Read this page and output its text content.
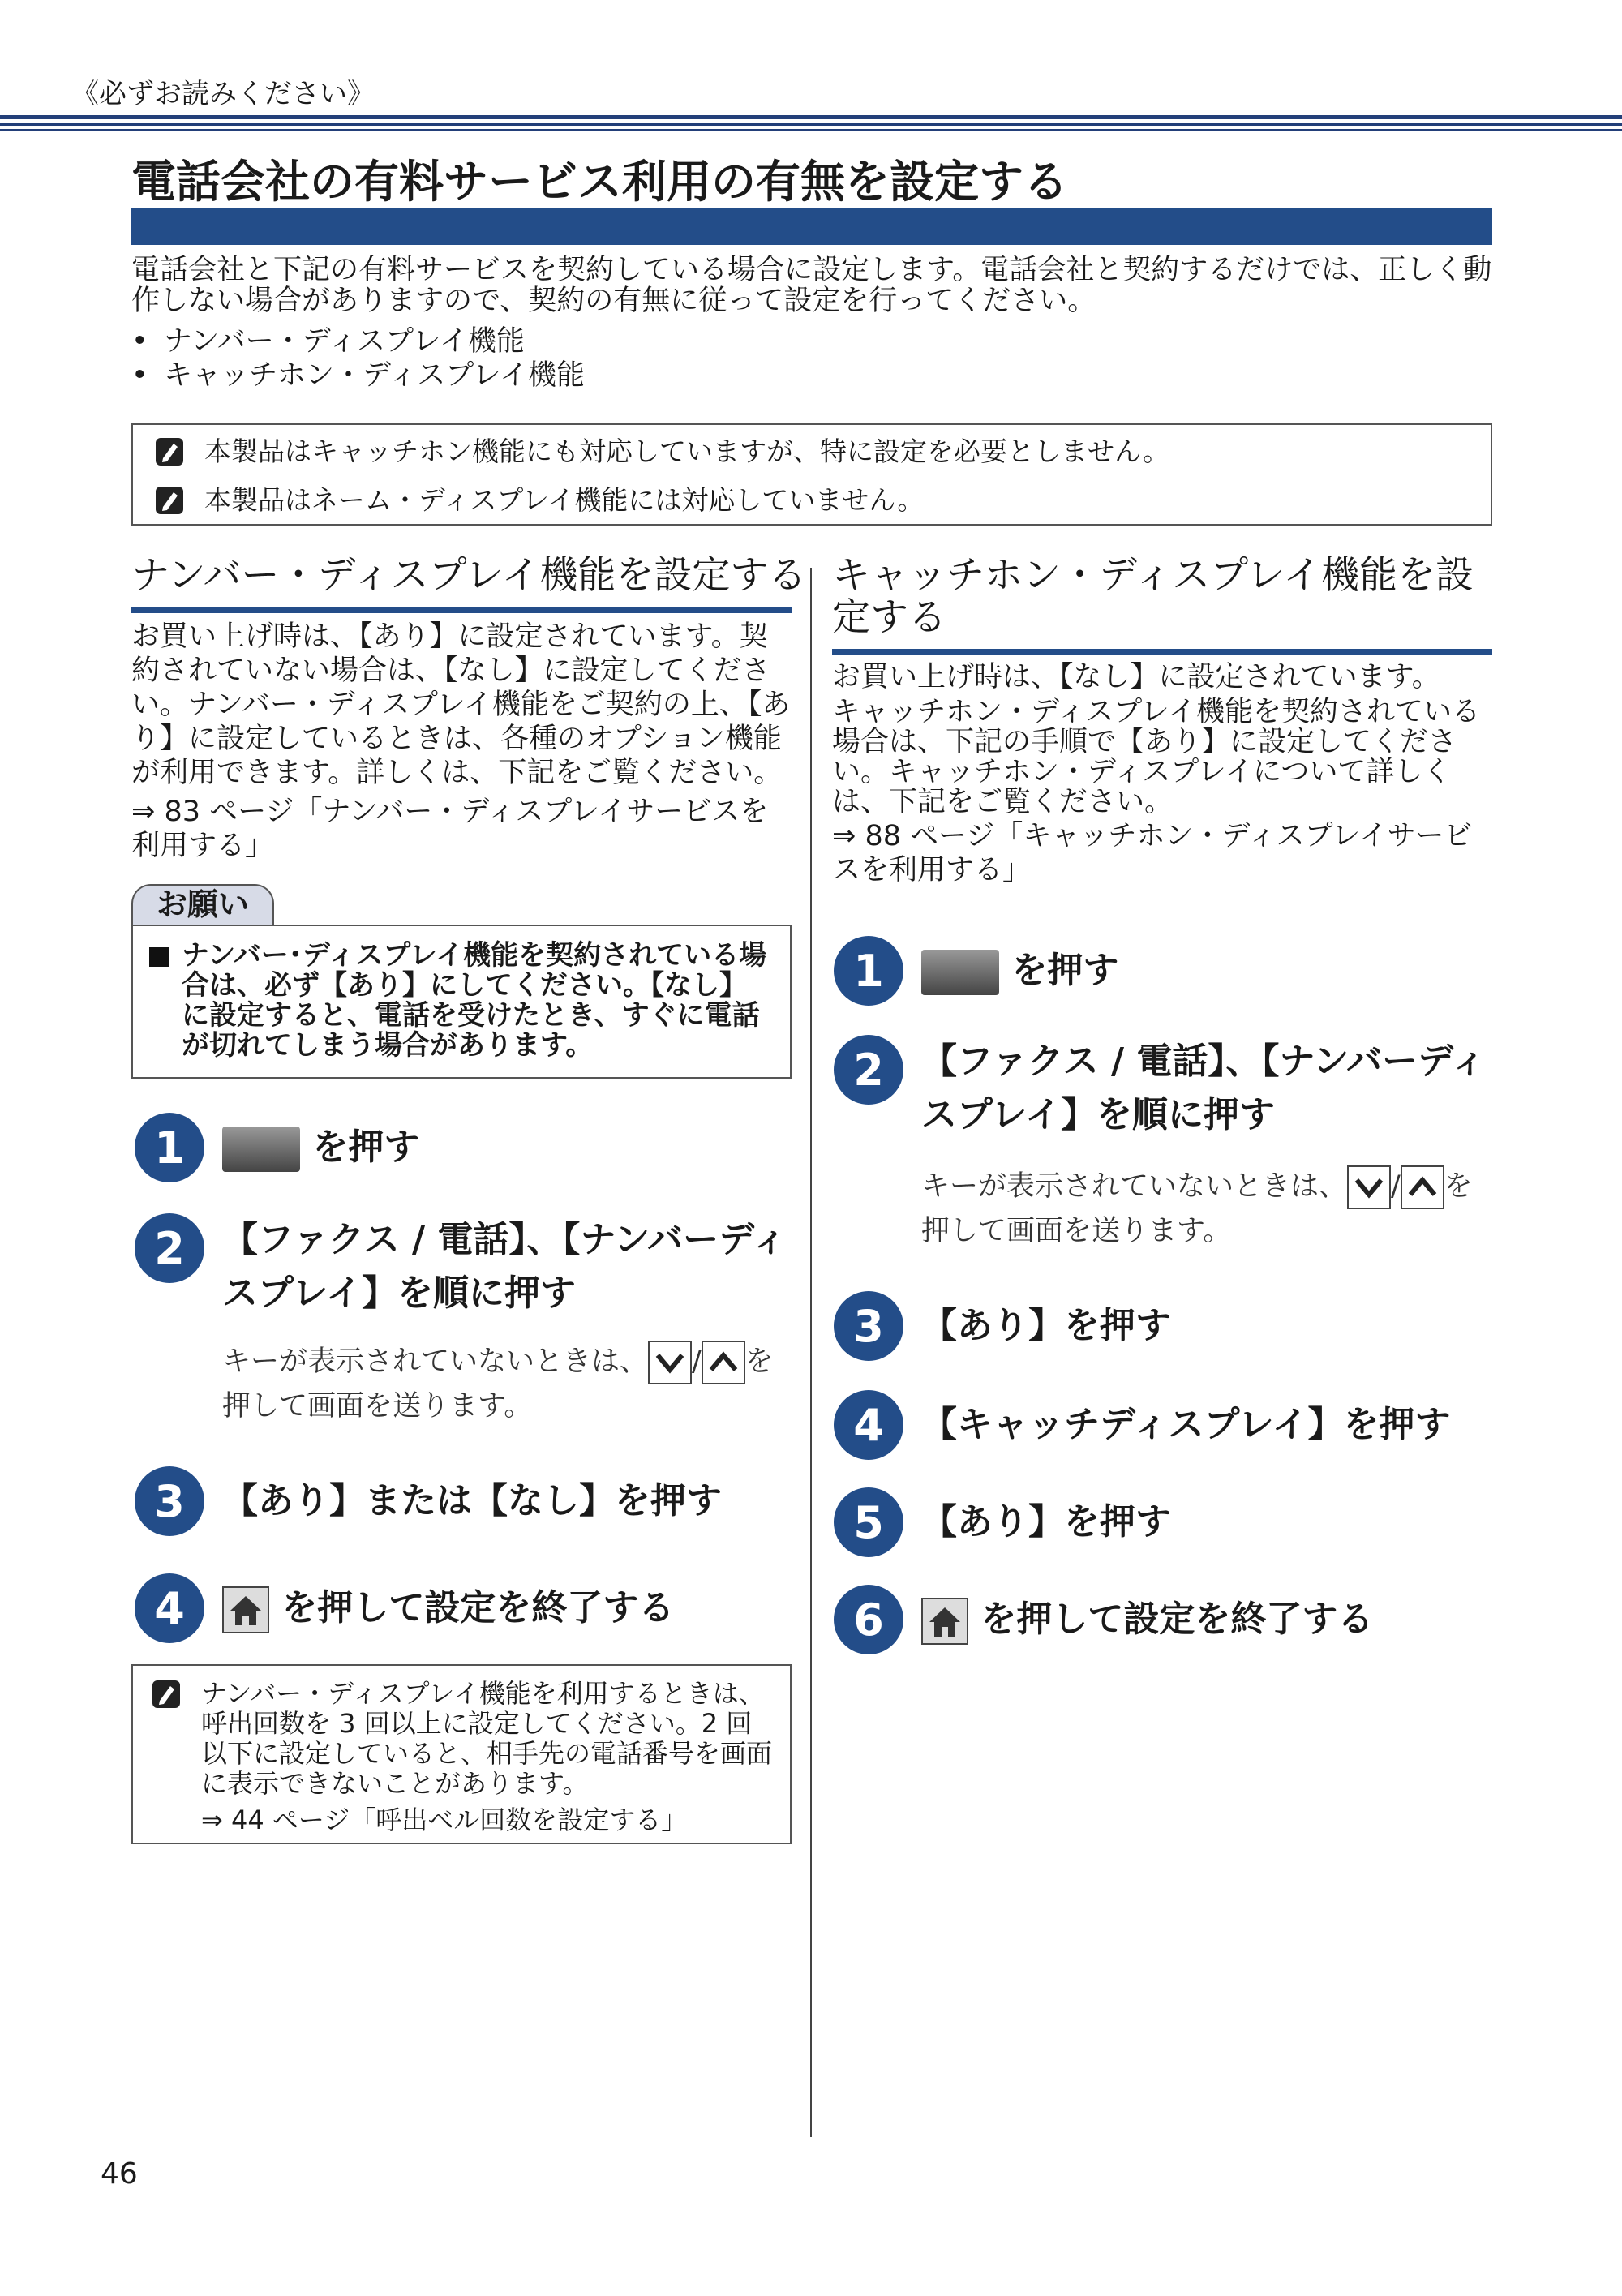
《必ずお読みください》
電話会社の有料サービス利用の有無を設定する
電話会社と下記の有料サービスを契約している場合に設定します。電話会社と契約するだけでは、正しく動作しない場合がありますので、契約の有無に従って設定を行ってください。
• ナンバー・ディスプレイ機能
• キャッチホン・ディスプレイ機能
本製品はキャッチホン機能にも対応していますが、特に設定を必要としません。
本製品はネーム・ディスプレイ機能には対応していません。
ナンバー・ディスプレイ機能を設定する
お買い上げ時は、【あり】に設定されています。契約されていない場合は、【なし】に設定してください。ナンバー・ディスプレイ機能をご契約の上、【あり】に設定しているときは、各種のオプション機能が利用できます。詳しくは、下記をご覧ください。
⇒ 83 ページ「ナンバー・ディスプレイサービスを利用する」
お願い
ナンバー･ディスプレイ機能を契約されている場合は、必ず【あり】にしてください。【なし】に設定すると、電話を受けたとき、すぐに電話が切れてしまう場合があります。
1	を押す
2	【ファクス / 電話】、【ナンバーディスプレイ】を順に押す
キーが表示されていないときは、 / を
押して画面を送ります。
3	【あり】または【なし】を押す
4	を押して設定を終了する
ナンバー・ディスプレイ機能を利用するときは、呼出回数を 3 回以上に設定してください。2 回以下に設定していると、相手先の電話番号を画面に表示できないことがあります。
⇒ 44 ページ「呼出ベル回数を設定する」
キャッチホン・ディスプレイ機能を設定する
お買い上げ時は、【なし】に設定されています。
キャッチホン・ディスプレイ機能を契約されている場合は、下記の手順で【あり】に設定してください。キャッチホン・ディスプレイについて詳しくは、下記をご覧ください。
⇒ 88 ページ「キャッチホン・ディスプレイサービスを利用する」
1	を押す
2	【ファクス / 電話】、【ナンバーディスプレイ】を順に押す
キーが表示されていないときは、 / を
押して画面を送ります。
3	【あり】を押す
4	【キャッチディスプレイ】を押す
5	【あり】を押す
6	を押して設定を終了する
46
